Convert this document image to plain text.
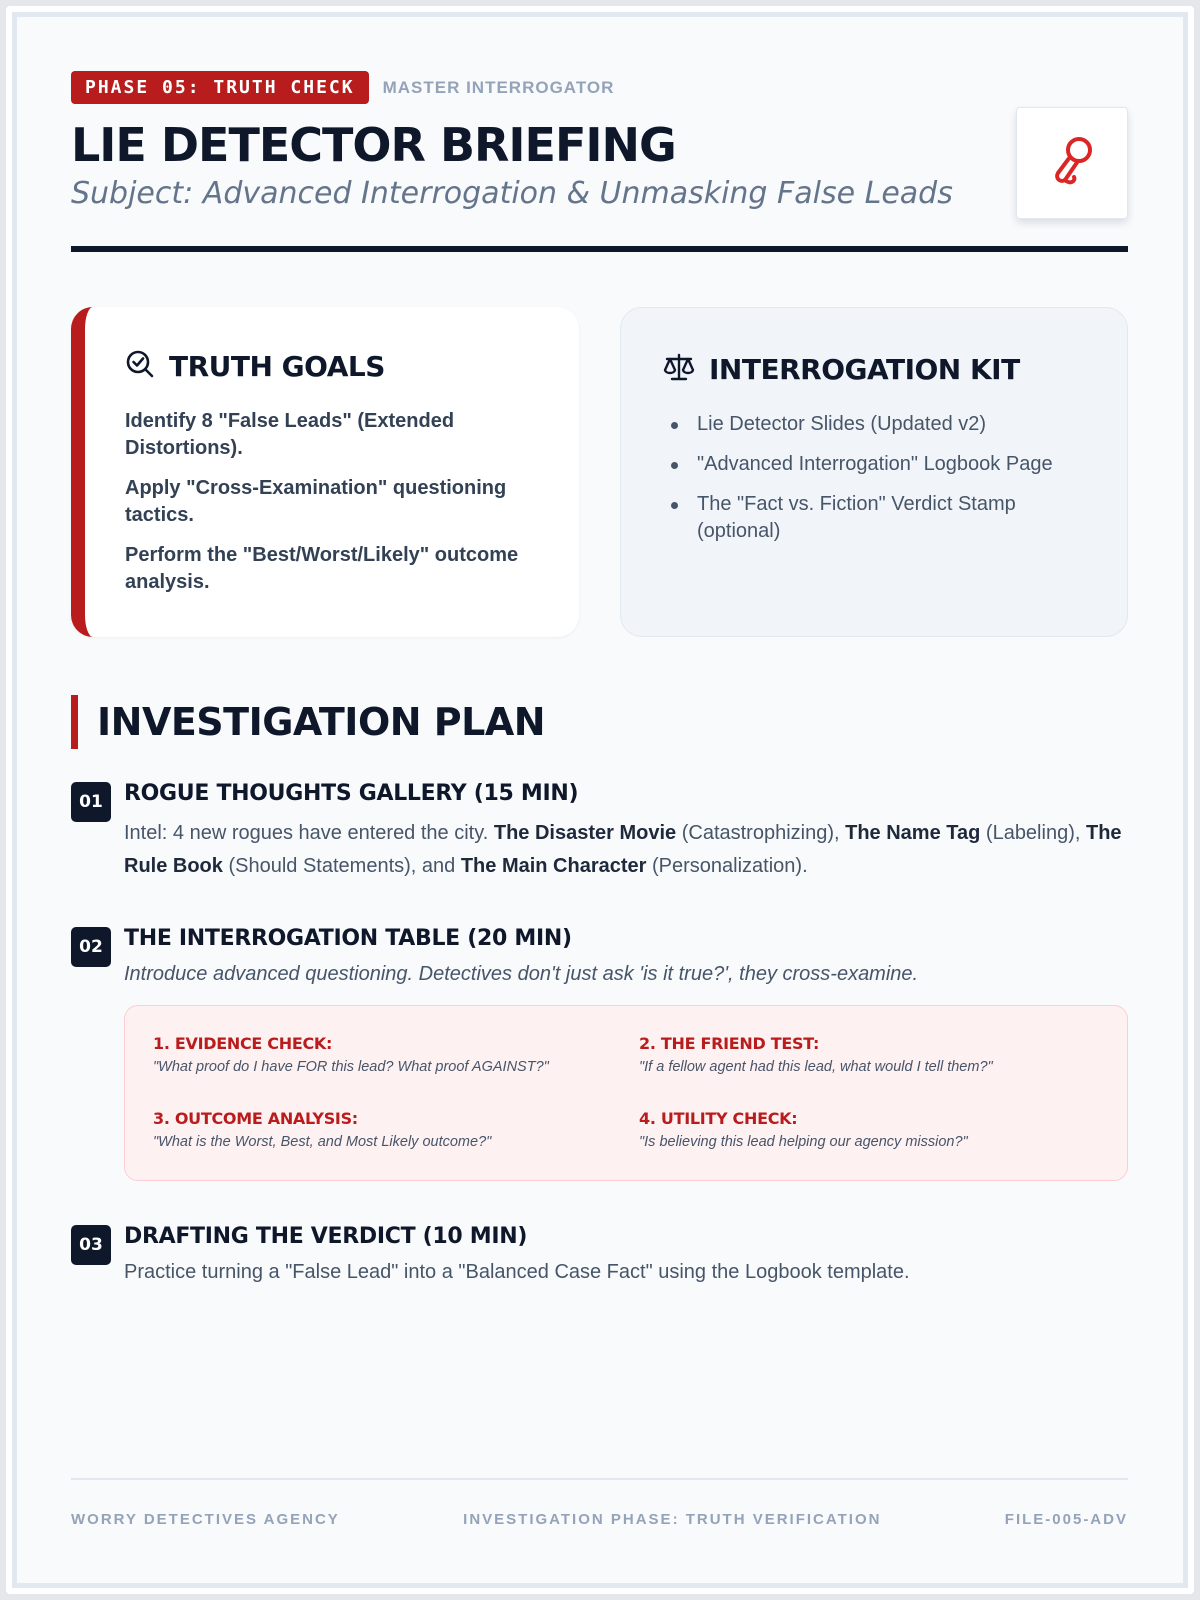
PHASE 05: TRUTH CHECK	MASTER INTERROGATOR
LIE DETECTOR BRIEFING
Subject: Advanced Interrogation & Unmasking False Leads
TRUTH GOALS
Identify 8 "False Leads" (Extended Distortions).
Apply "Cross-Examination" questioning tactics.
Perform the "Best/Worst/Likely" outcome analysis.
INTERROGATION KIT
Lie Detector Slides (Updated v2)
"Advanced Interrogation" Logbook Page
The "Fact vs. Fiction" Verdict Stamp (optional)
INVESTIGATION PLAN
01 ROGUE THOUGHTS GALLERY (15 MIN)
Intel: 4 new rogues have entered the city. The Disaster Movie (Catastrophizing), The Name Tag (Labeling), The Rule Book (Should Statements), and The Main Character (Personalization).
02 THE INTERROGATION TABLE (20 MIN)
Introduce advanced questioning. Detectives don't just ask 'is it true?', they cross-examine.
1. EVIDENCE CHECK:
"What proof do I have FOR this lead? What proof AGAINST?"
2. THE FRIEND TEST:
"If a fellow agent had this lead, what would I tell them?"
3. OUTCOME ANALYSIS:
"What is the Worst, Best, and Most Likely outcome?"
4. UTILITY CHECK:
"Is believing this lead helping our agency mission?"
03 DRAFTING THE VERDICT (10 MIN)
Practice turning a "False Lead" into a "Balanced Case Fact" using the Logbook template.
WORRY DETECTIVES AGENCY	INVESTIGATION PHASE: TRUTH VERIFICATION	FILE-005-ADV
